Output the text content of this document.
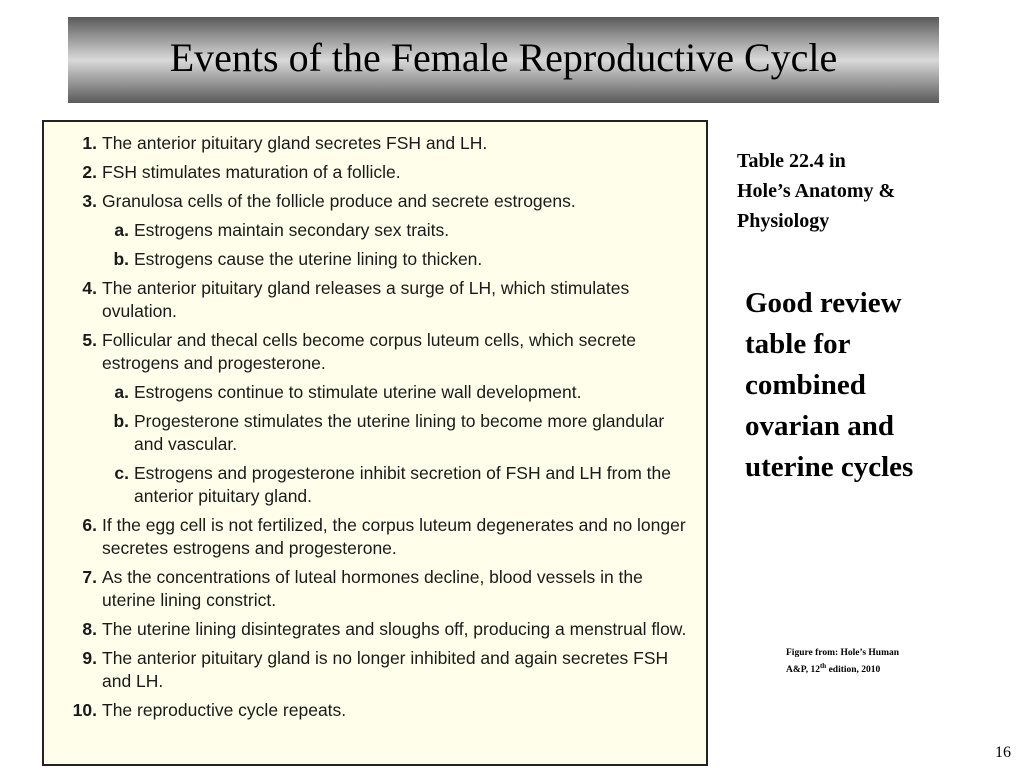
Events of the Female Reproductive Cycle
1. The anterior pituitary gland secretes FSH and LH.
2. FSH stimulates maturation of a follicle.
3. Granulosa cells of the follicle produce and secrete estrogens.
a. Estrogens maintain secondary sex traits.
b. Estrogens cause the uterine lining to thicken.
4. The anterior pituitary gland releases a surge of LH, which stimulates ovulation.
5. Follicular and thecal cells become corpus luteum cells, which secrete estrogens and progesterone.
a. Estrogens continue to stimulate uterine wall development.
b. Progesterone stimulates the uterine lining to become more glandular and vascular.
c. Estrogens and progesterone inhibit secretion of FSH and LH from the anterior pituitary gland.
6. If the egg cell is not fertilized, the corpus luteum degenerates and no longer secretes estrogens and progesterone.
7. As the concentrations of luteal hormones decline, blood vessels in the uterine lining constrict.
8. The uterine lining disintegrates and sloughs off, producing a menstrual flow.
9. The anterior pituitary gland is no longer inhibited and again secretes FSH and LH.
10. The reproductive cycle repeats.
Table 22.4 in
Hole’s Anatomy &
Physiology
Good review
table for
combined
ovarian and
uterine cycles
Figure from: Hole’s Human
A&P, 12th edition, 2010
16
